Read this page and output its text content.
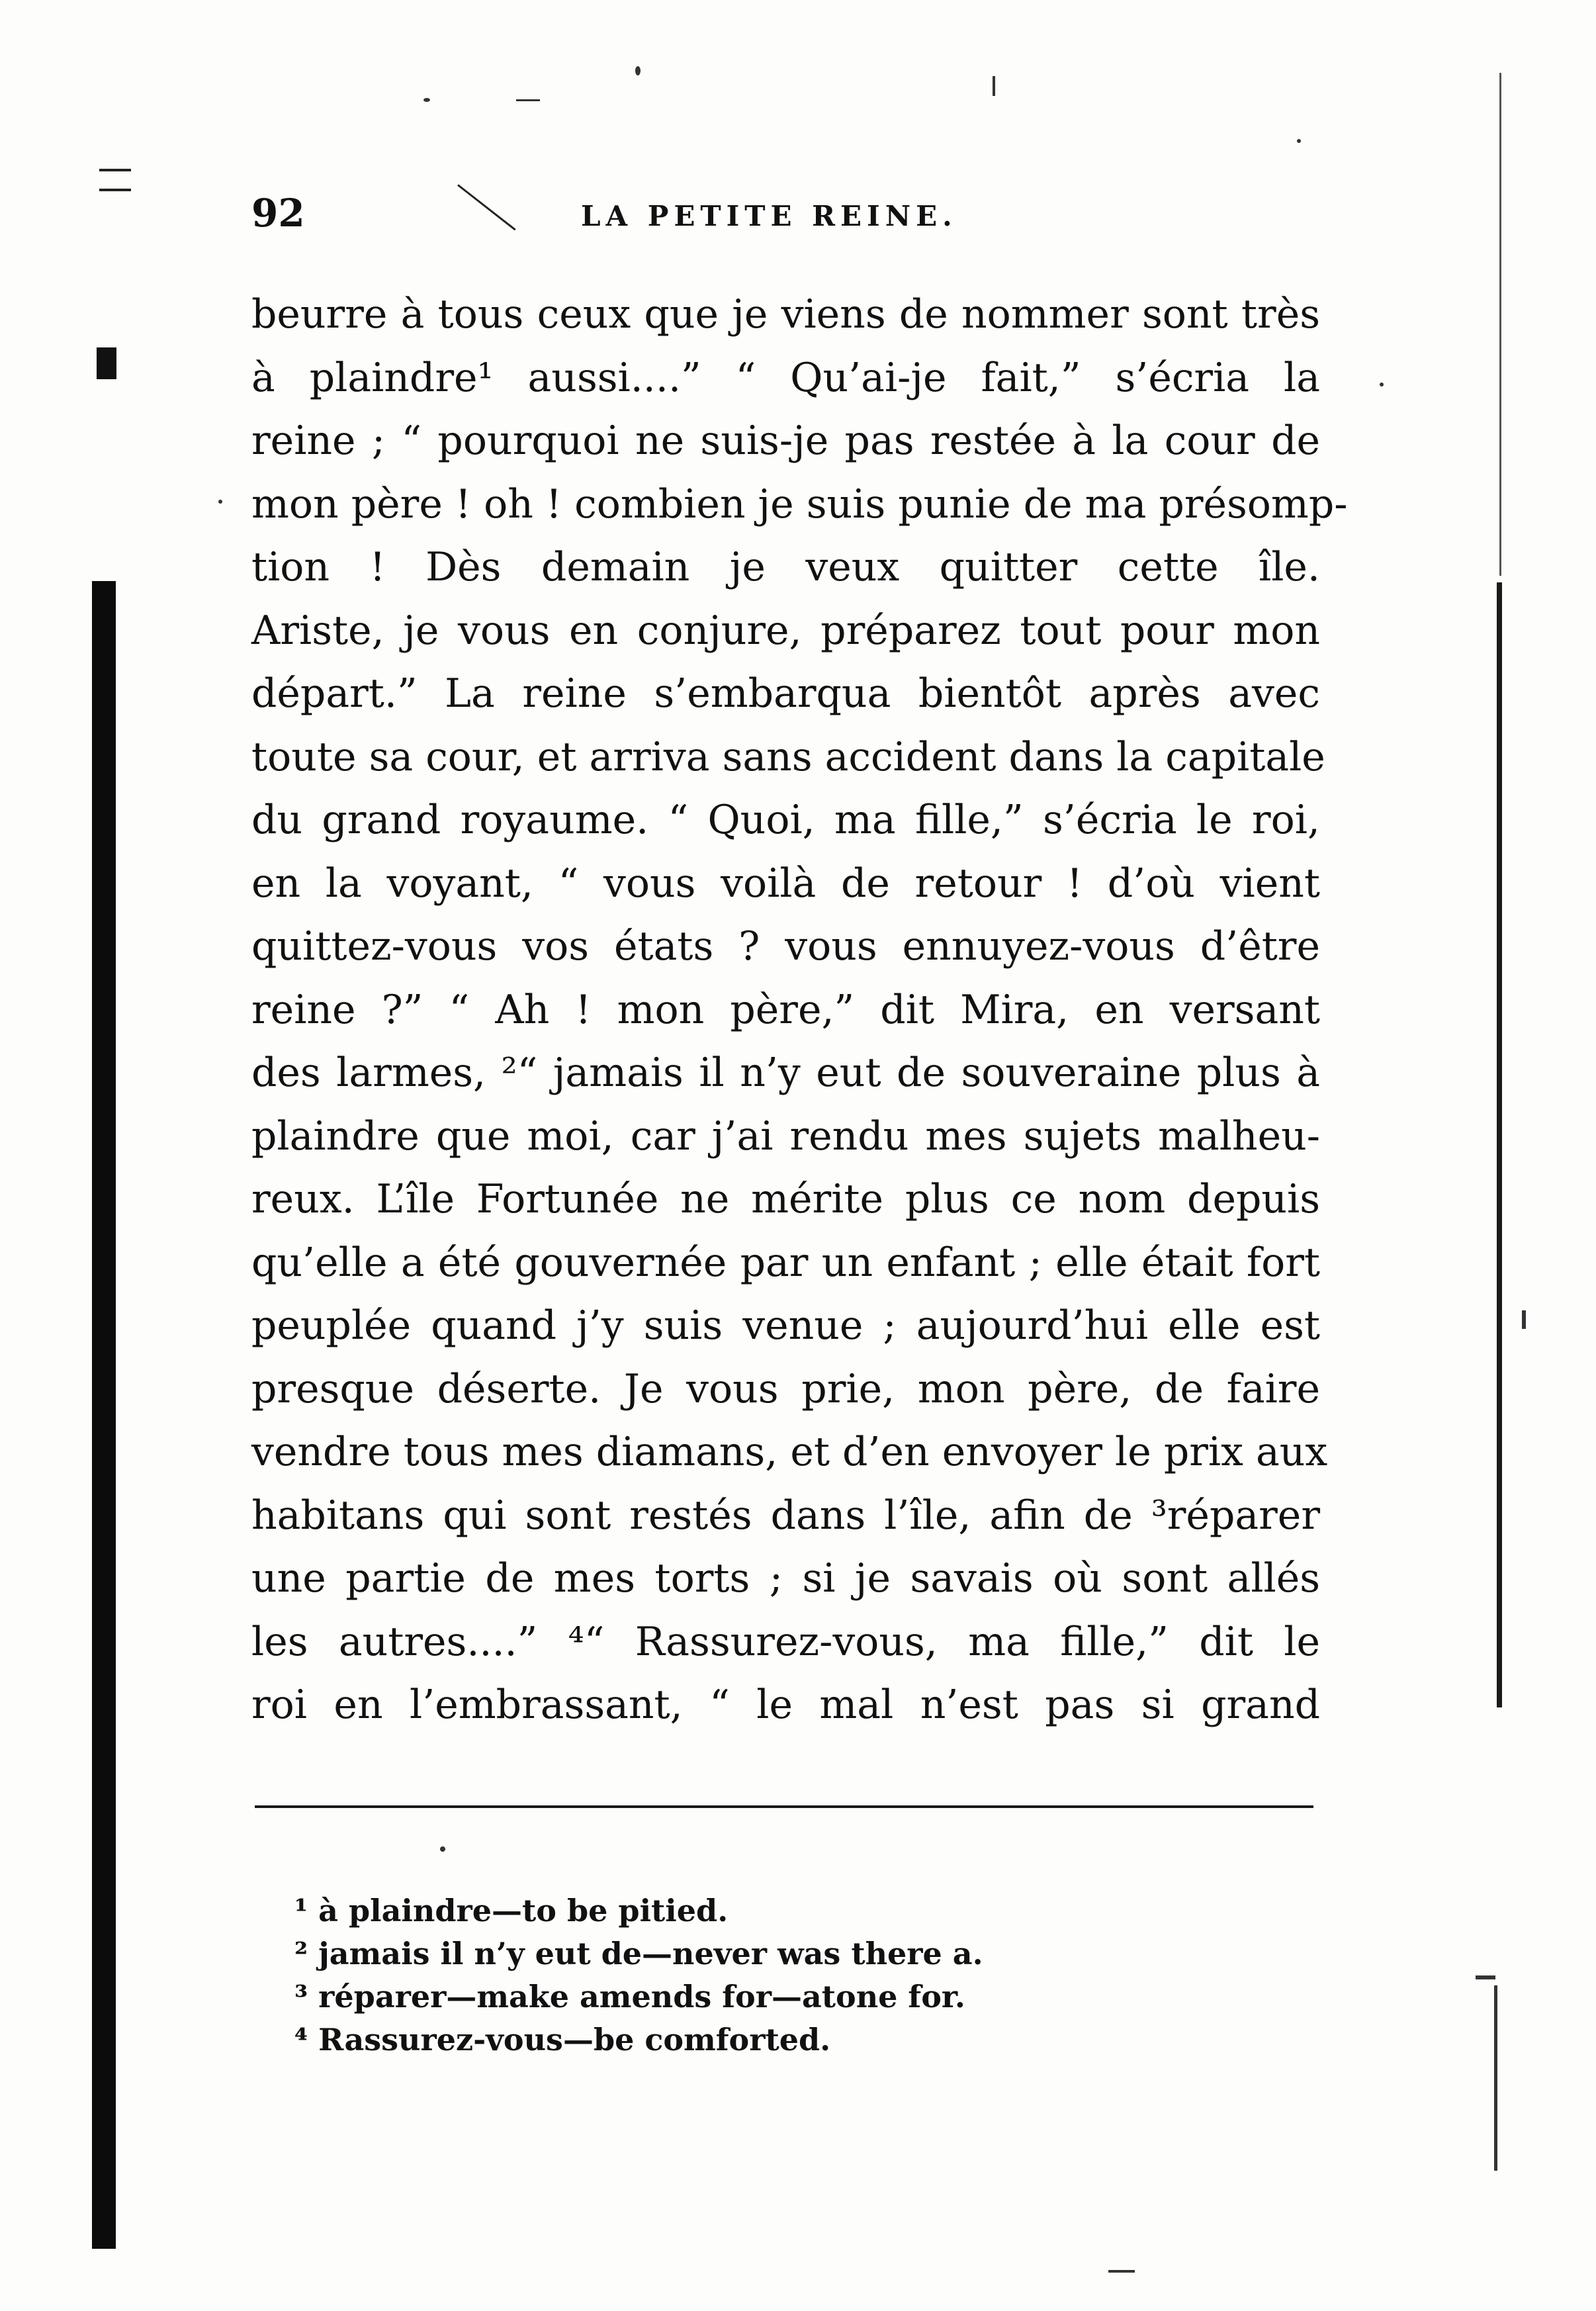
92	LA PETITE REINE.
beurre à tous ceux que je viens de nommer sont très
à plaindre¹ aussi....” “ Qu’ai-je fait,” s’écria la
reine ; “ pourquoi ne suis-je pas restée à la cour de
mon père ! oh ! combien je suis punie de ma présomp-
tion ! Dès demain je veux quitter cette île.
Ariste, je vous en conjure, préparez tout pour mon
départ.” La reine s’embarqua bientôt après avec
toute sa cour, et arriva sans accident dans la capitale
du grand royaume. “ Quoi, ma fille,” s’écria le roi,
en la voyant, “ vous voilà de retour ! d’où vient
quittez-vous vos états ? vous ennuyez-vous d’être
reine ?” “ Ah ! mon père,” dit Mira, en versant
des larmes, ²“ jamais il n’y eut de souveraine plus à
plaindre que moi, car j’ai rendu mes sujets malheu-
reux. L’île Fortunée ne mérite plus ce nom depuis
qu’elle a été gouvernée par un enfant ; elle était fort
peuplée quand j’y suis venue ; aujourd’hui elle est
presque déserte. Je vous prie, mon père, de faire
vendre tous mes diamans, et d’en envoyer le prix aux
habitans qui sont restés dans l’île, afin de ³réparer
une partie de mes torts ; si je savais où sont allés
les autres....” ⁴“ Rassurez-vous, ma fille,” dit le
roi en l’embrassant, “ le mal n’est pas si grand
¹ à plaindre—to be pitied.
² jamais il n’y eut de—never was there a.
³ réparer—make amends for—atone for.
⁴ Rassurez-vous—be comforted.
